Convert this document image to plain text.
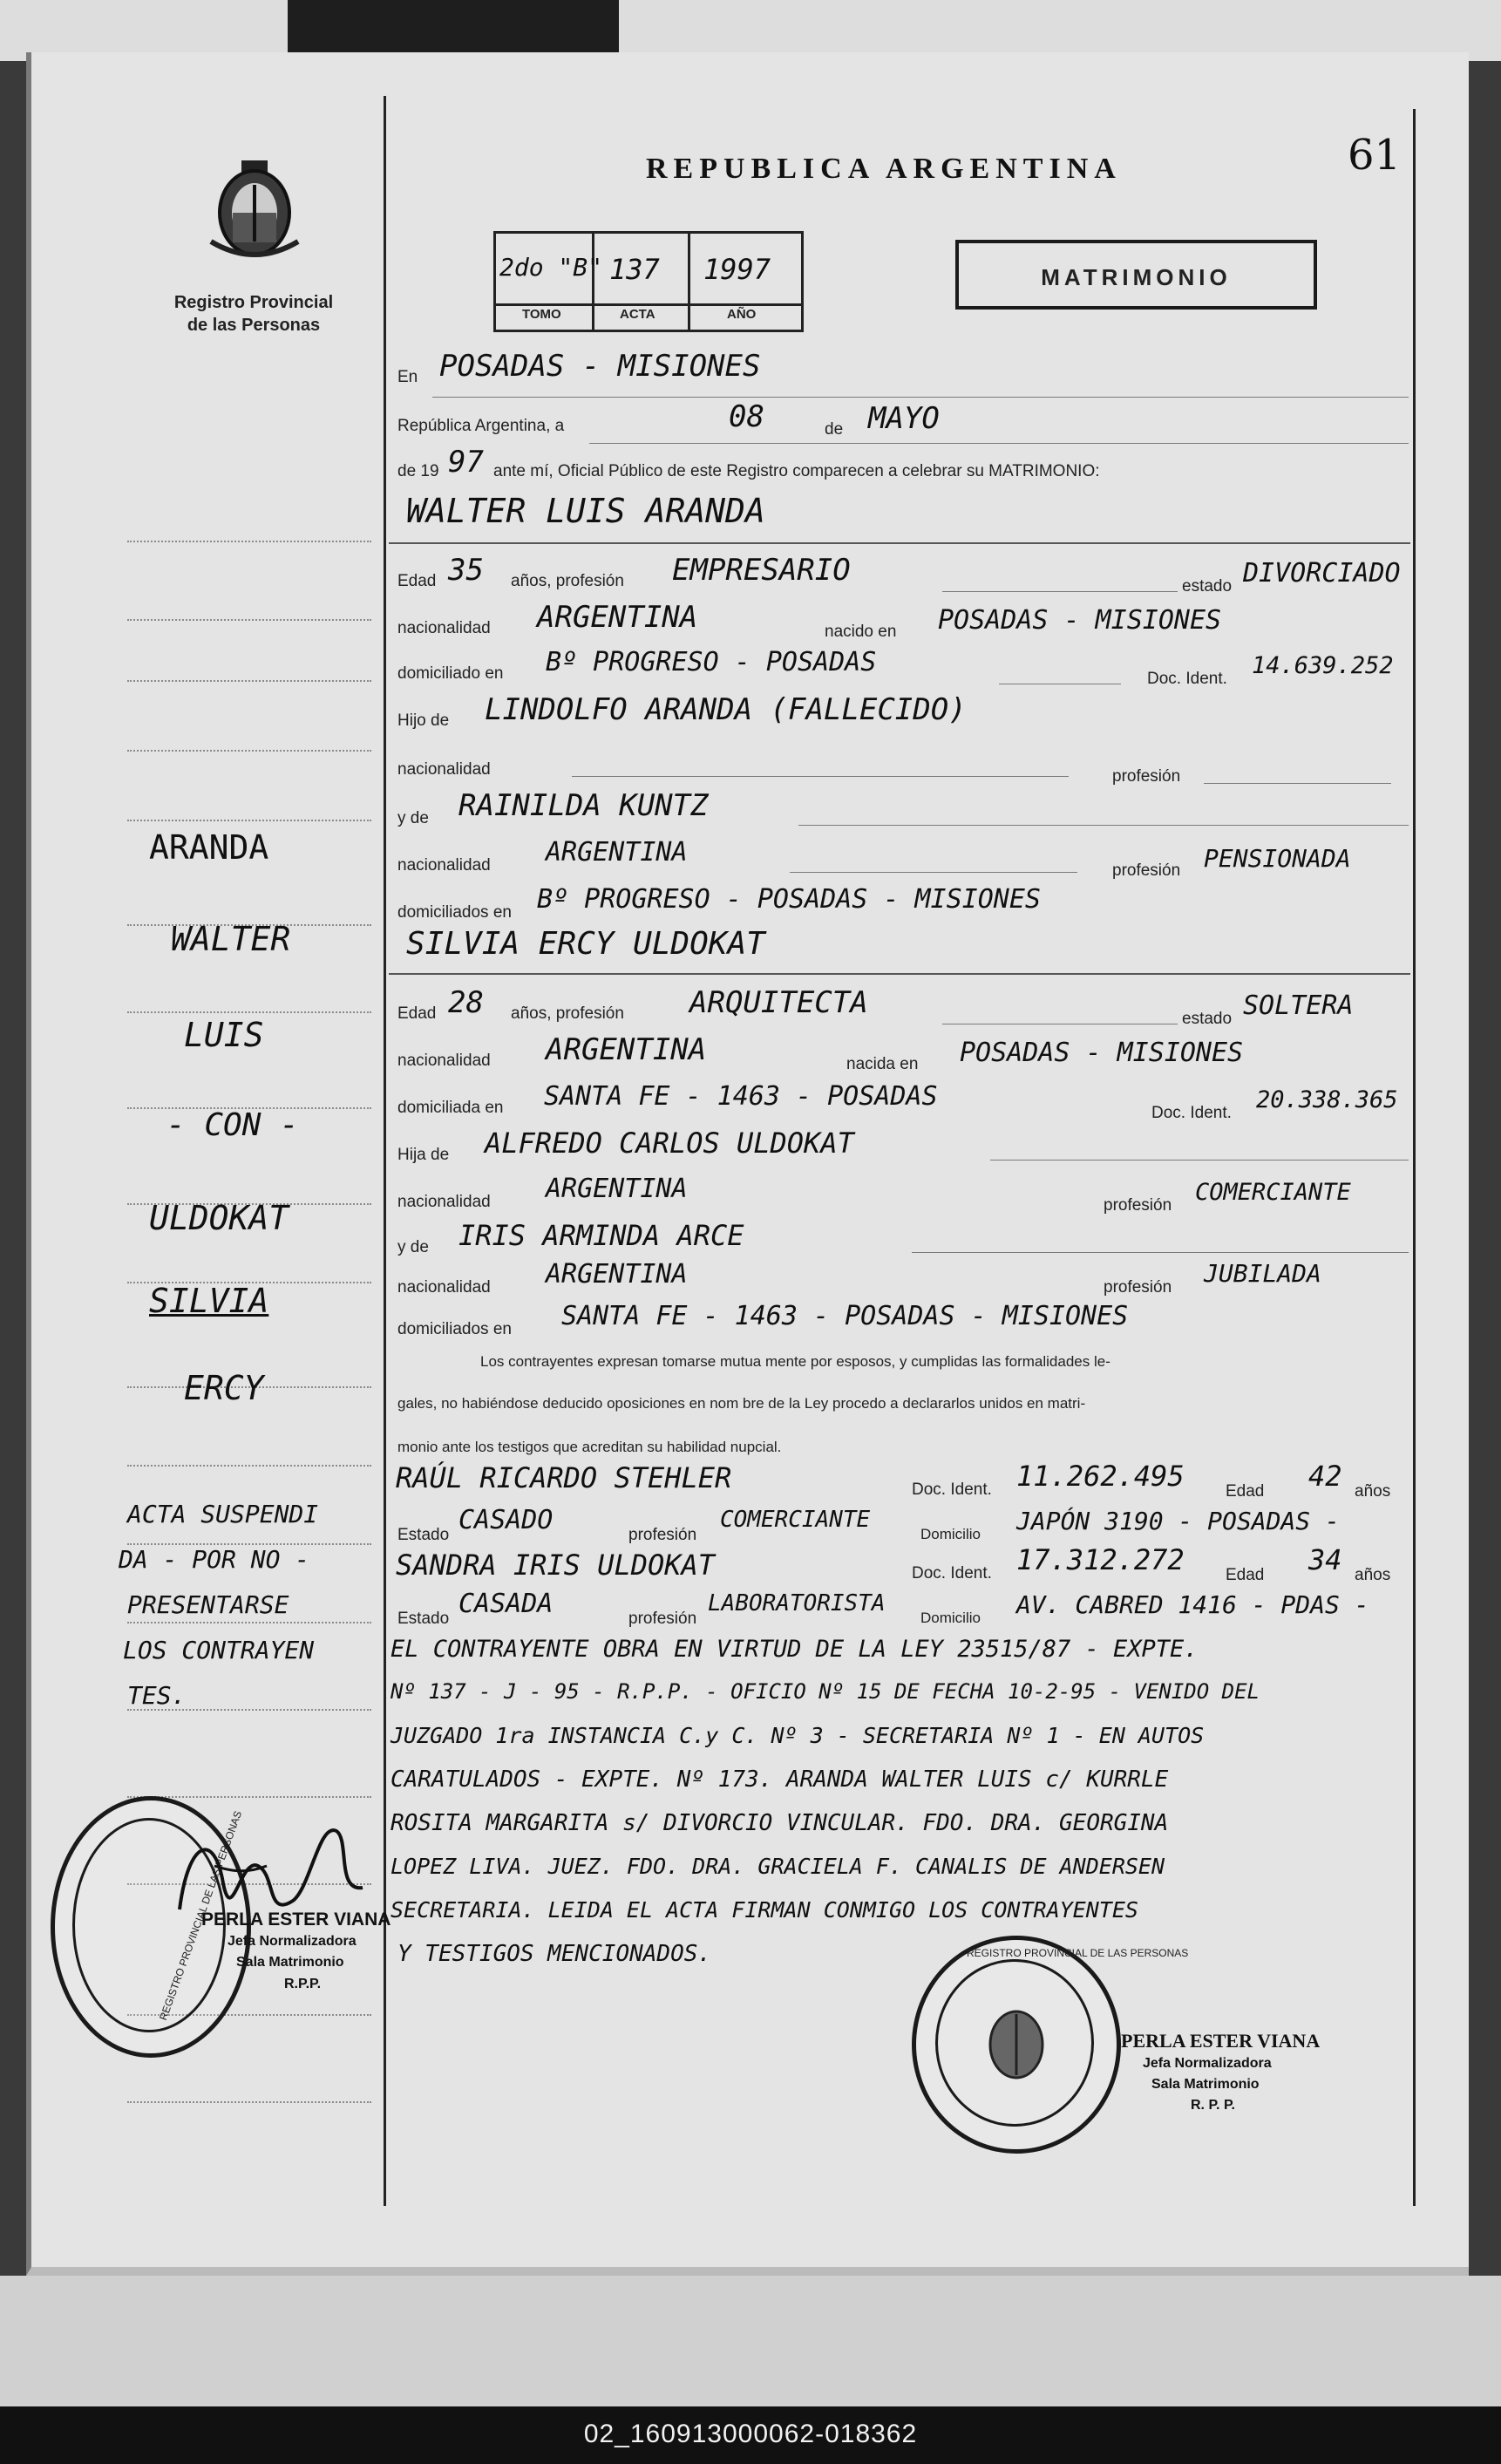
REPUBLICA ARGENTINA	61
Registro Provincial
de las Personas
2do "B" 137 1997
TOMO	ACTA	AÑO
MATRIMONIO
En POSADAS - MISIONES
República Argentina, a	08	de MAYO
de 19 97 ante mí, Oficial Público de este Registro comparecen a celebrar su MATRIMONIO:
WALTER LUIS ARANDA
Edad 35 años, profesión EMPRESARIO	estado DIVORCIADO
nacionalidad ARGENTINA	nacido en POSADAS - MISIONES
domiciliado en Bº PROGRESO - POSADAS
Doc. Ident. 14.639.252
Hijo de LINDOLFO ARANDA (FALLECIDO)
nacionalidad	profesión
y de RAINILDA KUNTZ
nacionalidad ARGENTINA
profesión PENSIONADA
domiciliados en Bº PROGRESO - POSADAS - MISIONES
SILVIA ERCY ULDOKAT
Edad 28 años, profesión ARQUITECTA	estado SOLTERA
nacionalidad ARGENTINA	nacida en POSADAS - MISIONES
domiciliada en SANTA FE - 1463 - POSADAS
Doc. Ident. 20.338.365
Hija de ALFREDO CARLOS ULDOKAT
nacionalidad ARGENTINA
profesión COMERCIANTE
y de IRIS ARMINDA ARCE
nacionalidad ARGENTINA	profesión JUBILADA
domiciliados en SANTA FE - 1463 - POSADAS - MISIONES
Los contrayentes expresan tomarse mutua mente por esposos, y cumplidas las formalidades le-
gales, no habiéndose deducido oposiciones en nom bre de la Ley procedo a declararlos unidos en matri-
monio ante los testigos que acreditan su habilidad nupcial.
RAÚL RICARDO STEHLER	Doc. Ident. 11.262.495 Edad 42 años
Estado CASADO	profesión
COMERCIANTE
Domicilio JAPÓN 3190 - POSADAS -
SANDRA IRIS ULDOKAT	Doc. Ident. 17.312.272 Edad 34 años
Estado CASADA	profesión
LABORATORISTA
Domicilio AV. CABRED 1416 - PDAS -
EL CONTRAYENTE OBRA EN VIRTUD DE LA LEY 23515/87 - EXPTE.
Nº 137 - J - 95 - R.P.P. - OFICIO Nº 15 DE FECHA 10-2-95 - VENIDO DEL
JUZGADO 1ra INSTANCIA C.y C. Nº 3 - SECRETARIA Nº 1 - EN AUTOS
CARATULADOS - EXPTE. Nº 173. ARANDA WALTER LUIS c/ KURRLE
ROSITA MARGARITA s/ DIVORCIO VINCULAR. FDO. DRA. GEORGINA
LOPEZ LIVA. JUEZ. FDO. DRA. GRACIELA F. CANALIS DE ANDERSEN
SECRETARIA. LEIDA EL ACTA FIRMAN CONMIGO LOS CONTRAYENTES
Y TESTIGOS MENCIONADOS.
ARANDA
WALTER
LUIS
- CON -
ULDOKAT
SILVIA
ERCY
ACTA SUSPENDI
DA - POR NO -
PRESENTARSE
LOS CONTRAYEN
TES.
REGISTRO PROVINCIAL DE LAS PERSONAS
PERLA ESTER VIANA
Jefa Normalizadora
Sala Matrimonio
R.P.P.
REGISTRO PROVINCIAL DE LAS PERSONAS
PERLA ESTER VIANA
Jefa Normalizadora
Sala Matrimonio
R. P. P.
02_160913000062-018362
